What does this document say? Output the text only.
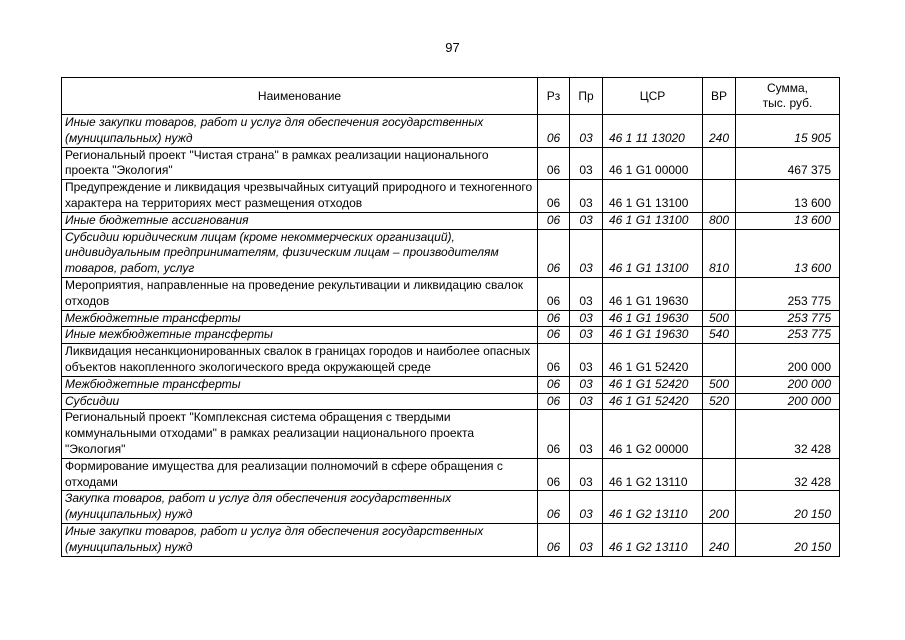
97
Наименование	Рз	Пр	ЦСР	ВР	Сумма,
тыс. руб.
Иные закупки товаров, работ и услуг для обеспечения государственных (муниципальных) нужд	06	03	46 1 11 13020	240	15 905
Региональный проект "Чистая страна" в рамках реализации национального проекта "Экология"	06	03	46 1 G1 00000		467 375
Предупреждение и ликвидация чрезвычайных ситуаций природного и техногенного характера на территориях мест размещения отходов	06	03	46 1 G1 13100		13 600
Иные бюджетные ассигнования	06	03	46 1 G1 13100	800	13 600
Субсидии юридическим лицам (кроме некоммерческих организаций), индивидуальным предпринимателям, физическим лицам – производителям товаров, работ, услуг	06	03	46 1 G1 13100	810	13 600
Мероприятия, направленные на проведение рекультивации и ликвидацию свалок отходов	06	03	46 1 G1 19630		253 775
Межбюджетные трансферты	06	03	46 1 G1 19630	500	253 775
Иные межбюджетные трансферты	06	03	46 1 G1 19630	540	253 775
Ликвидация несанкционированных свалок в границах городов и наиболее опасных объектов накопленного экологического вреда окружающей среде	06	03	46 1 G1 52420		200 000
Межбюджетные трансферты	06	03	46 1 G1 52420	500	200 000
Субсидии	06	03	46 1 G1 52420	520	200 000
Региональный проект "Комплексная система обращения с твердыми коммунальными отходами" в рамках реализации национального проекта "Экология"	06	03	46 1 G2 00000		32 428
Формирование имущества для реализации полномочий в сфере обращения с отходами	06	03	46 1 G2 13110		32 428
Закупка товаров, работ и услуг для обеспечения государственных (муниципальных) нужд	06	03	46 1 G2 13110	200	20 150
Иные закупки товаров, работ и услуг для обеспечения государственных (муниципальных) нужд	06	03	46 1 G2 13110	240	20 150
